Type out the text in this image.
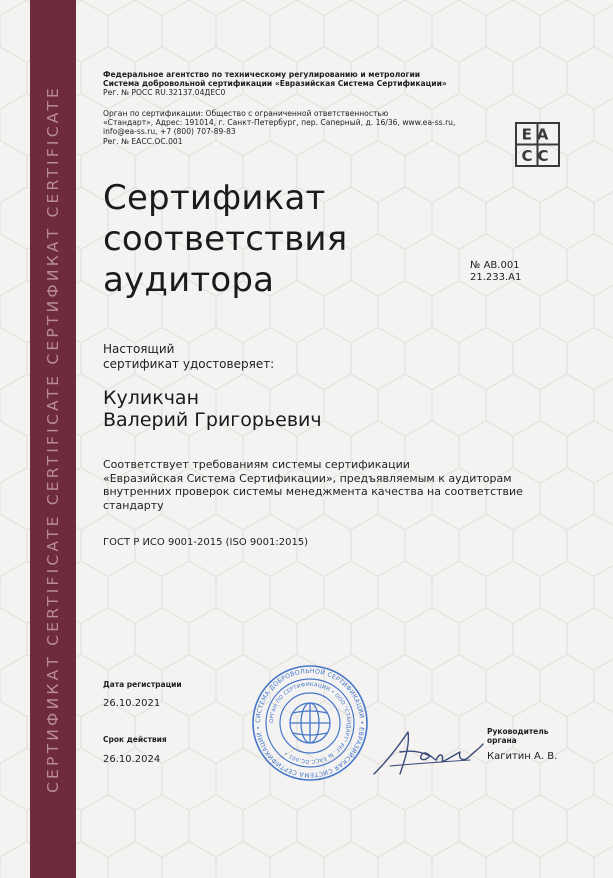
СЕРТИФИКАТ CERTIFICATE CERTIFICATE СЕРТИФИКАТ CERTIFICATE
Федеральное агентство по техническому регулированию и метрологии
Система добровольной сертификации «Евразийская Система Сертификации»
Рег. № РОСС RU.32137.04ДЕС0
Орган по сертификации: Общество с ограниченной ответственностью
«Стандарт», Адрес: 191014, г. Санкт-Петербург, пер. Саперный, д. 16/36, www.ea-ss.ru,
info@ea-ss.ru, +7 (800) 707-89-83
Рег. № ЕАСС.ОС.001	ЕА
СС
Сертификат
соответствия
аудитора	№ АВ.001
21.233.А1
Настоящий
сертификат удостоверяет:
Куликчан
Валерий Григорьевич
Соответствует требованиям системы сертификации
«Евразийская Система Сертификации», предъявляемым к аудиторам
внутренних проверок системы менеджмента качества на соответствие
стандарту
ГОСТ Р ИСО 9001-2015 (ISO 9001:2015)
Дата регистрации
26.10.2021
Срок действия
26.10.2024
СИСТЕМА ДОБРОВОЛЬНОЙ СЕРТИФИКАЦИИ • ЕВРАЗИЙСКАЯ СИСТЕМА СЕРТИФИКАЦИИ •
ОРГАН ПО СЕРТИФИКАЦИИ • ООО "СТАНДАРТ" РЕГ. № ЕАСС.ОС.001 •
Руководитель
органа
Кагитин А. В.
